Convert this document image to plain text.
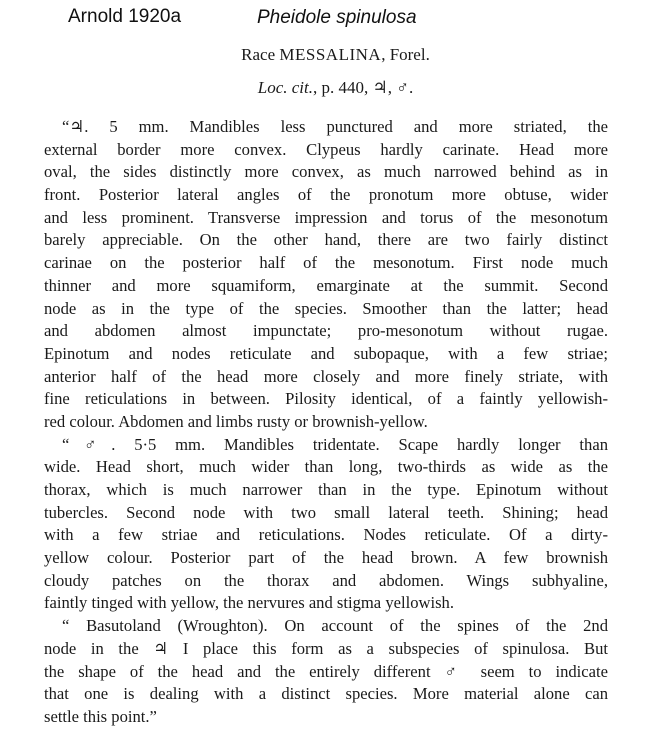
Arnold 1920a	Pheidole spinulosa
Race MESSALINA, Forel.
Loc. cit., p. 440, ♃, ♂.
“♃. 5 mm. Mandibles less punctured and more striated, the
external border more convex. Clypeus hardly carinate. Head more
oval, the sides distinctly more convex, as much narrowed behind as in
front. Posterior lateral angles of the pronotum more obtuse, wider
and less prominent. Transverse impression and torus of the mesonotum
barely appreciable. On the other hand, there are two fairly distinct
carinae on the posterior half of the mesonotum. First node much
thinner and more squamiform, emarginate at the summit. Second
node as in the type of the species. Smoother than the latter; head
and abdomen almost impunctate; pro-mesonotum without rugae.
Epinotum and nodes reticulate and subopaque, with a few striae;
anterior half of the head more closely and more finely striate, with
fine reticulations in between. Pilosity identical, of a faintly yellowish-
red colour. Abdomen and limbs rusty or brownish-yellow.
“♂. 5·5 mm. Mandibles tridentate. Scape hardly longer than
wide. Head short, much wider than long, two-thirds as wide as the
thorax, which is much narrower than in the type. Epinotum without
tubercles. Second node with two small lateral teeth. Shining; head
with a few striae and reticulations. Nodes reticulate. Of a dirty-
yellow colour. Posterior part of the head brown. A few brownish
cloudy patches on the thorax and abdomen. Wings subhyaline,
faintly tinged with yellow, the nervures and stigma yellowish.
“ Basutoland (Wroughton). On account of the spines of the 2nd
node in the ♃ I place this form as a subspecies of spinulosa. But
the shape of the head and the entirely different ♂ seem to indicate
that one is dealing with a distinct species. More material alone can
settle this point.”
